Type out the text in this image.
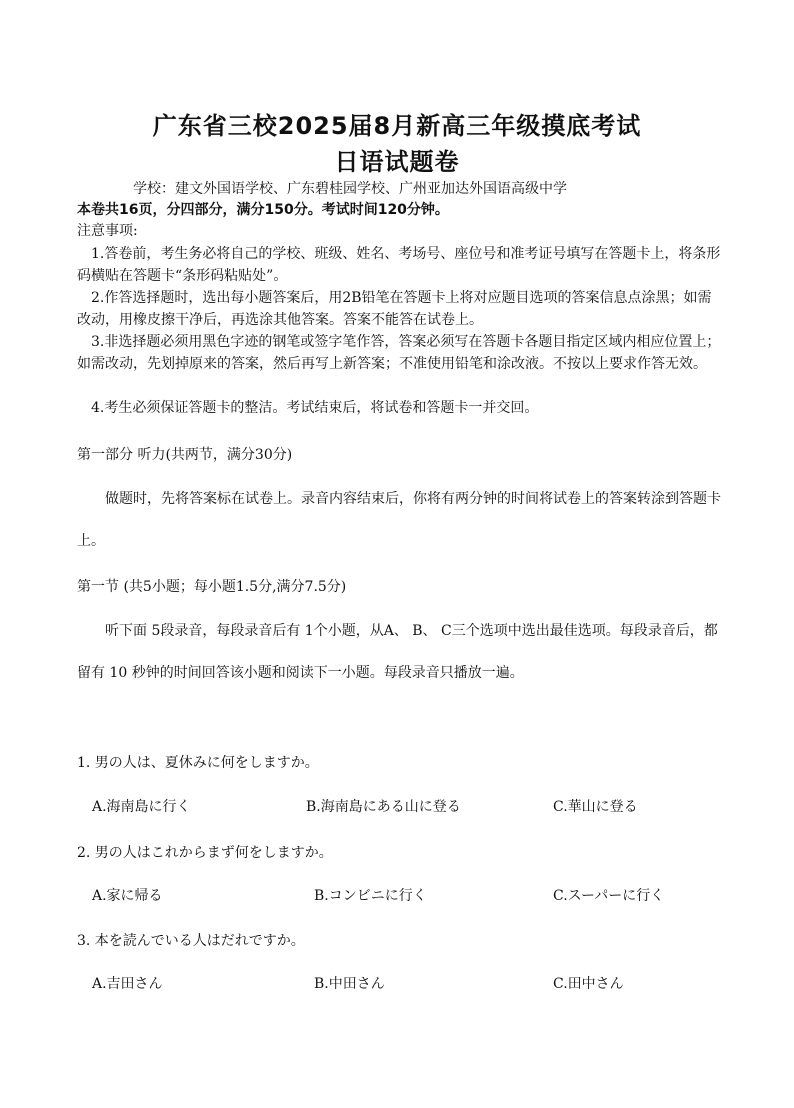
广东省三校2025届8月新高三年级摸底考试
日语试题卷
学校：建文外国语学校、广东碧桂园学校、广州亚加达外国语高级中学
本卷共16页，分四部分，满分150分。考试时间120分钟。
注意事项:
1.答卷前，考生务必将自己的学校、班级、姓名、考场号、座位号和准考证号填写在答题卡上，将条形码横贴在答题卡“条形码粘贴处”。
2.作答选择题时，选出每小题答案后，用2B铅笔在答题卡上将对应题目选项的答案信息点涂黑；如需改动，用橡皮擦干净后，再选涂其他答案。答案不能答在试卷上。
3.非选择题必须用黑色字迹的钢笔或签字笔作答，答案必须写在答题卡各题目指定区域内相应位置上；如需改动，先划掉原来的答案，然后再写上新答案；不准使用铅笔和涂改液。不按以上要求作答无效。
4.考生必须保证答题卡的整洁。考试结束后，将试卷和答题卡一并交回。
第一部分 听力(共两节，满分30分)
做题时，先将答案标在试卷上。录音内容结束后，你将有两分钟的时间将试卷上的答案转涂到答题卡上。
第一节 (共5小题；每小题1.5分,满分7.5分)
听下面 5段录音，每段录音后有 1个小题，从A、 B、 C三个选项中选出最佳选项。每段录音后，都留有 10 秒钟的时间回答该小题和阅读下一小题。每段录音只播放一遍。
1. 男の人は、夏休みに何をしますか。
A.海南島に行く	B.海南島にある山に登る	C.華山に登る
2. 男の人はこれからまず何をしますか。
A.家に帰る	B.コンビニに行く	C.スーパーに行く
3. 本を読んでいる人はだれですか。
A.吉田さん	B.中田さん	C.田中さん
